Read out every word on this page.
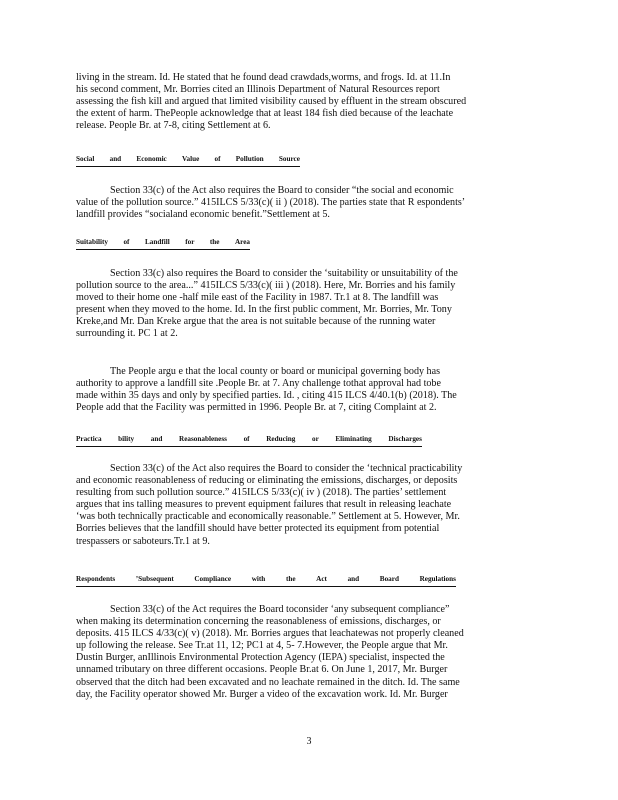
living in the stream. Id. He stated that he found dead crawdads,worms, and frogs. Id. at 11.In
his second comment, Mr. Borries cited an Illinois Department of Natural Resources report
assessing the fish kill and argued that limited visibility caused by effluent in the stream obscured
the extent of harm. ThePeople acknowledge that at least 184 fish died because of the leachate
release. People Br. at 7-8, citing Settlement at 6.

Social and Economic Value of Pollution Source

Section 33(c) of the Act also requires the Board to consider “the social and economic
value of the pollution source.” 415ILCS 5/33(c)( ii ) (2018). The parties state that R espondents’
landfill provides “socialand economic benefit.”Settlement at 5.

Suitability of Landfill for the Area

Section 33(c) also requires the Board to consider the ‘suitability or unsuitability of the
pollution source to the area...” 415ILCS 5/33(c)( iii ) (2018). Here, Mr. Borries and his family
moved to their home one -half mile east of the Facility in 1987. Tr.1 at 8. The landfill was
present when they moved to the home. Id. In the first public comment, Mr. Borries, Mr. Tony
Kreke,and Mr. Dan Kreke argue that the area is not suitable because of the running water
surrounding it. PC 1 at 2.

The People argu e that the local county or board or municipal governing body has
authority to approve a landfill site .People Br. at 7. Any challenge tothat approval had tobe
made within 35 days and only by specified parties. Id. , citing 415 ILCS 4/40.1(b) (2018). The
People add that the Facility was permitted in 1996. People Br. at 7, citing Complaint at 2.

Practica bility and Reasonableness of Reducing or Eliminating Discharges

Section 33(c) of the Act also requires the Board to consider the ‘technical practicability
and economic reasonableness of reducing or eliminating the emissions, discharges, or deposits
resulting from such pollution source.” 415ILCS 5/33(c)( iv ) (2018). The parties’ settlement
argues that ins talling measures to prevent equipment failures that result in releasing leachate
‘was both technically practicable and economically reasonable.” Settlement at 5. However, Mr.
Borries believes that the landfill should have better protected its equipment from potential
trespassers or saboteurs.Tr.1 at 9.

Respondents	’Subsequent	Compliance	with	the	Act	and	Board	Regulations

Section 33(c) of the Act requires the Board toconsider ‘any subsequent compliance”
when making its determination concerning the reasonableness of emissions, discharges, or
deposits. 415 ILCS 4/33(c)( v) (2018). Mr. Borries argues that leachatewas not properly cleaned
up following the release. See Tr.at 11, 12; PC1 at 4, 5- 7.However, the People argue that Mr.
Dustin Burger, anIllinois Environmental Protection Agency (IEPA) specialist, inspected the
unnamed tributary on three different occasions. People Br.at 6. On June 1, 2017, Mr. Burger
observed that the ditch had been excavated and no leachate remained in the ditch. Id. The same
day, the Facility operator showed Mr. Burger a video of the excavation work. Id. Mr. Burger

3
